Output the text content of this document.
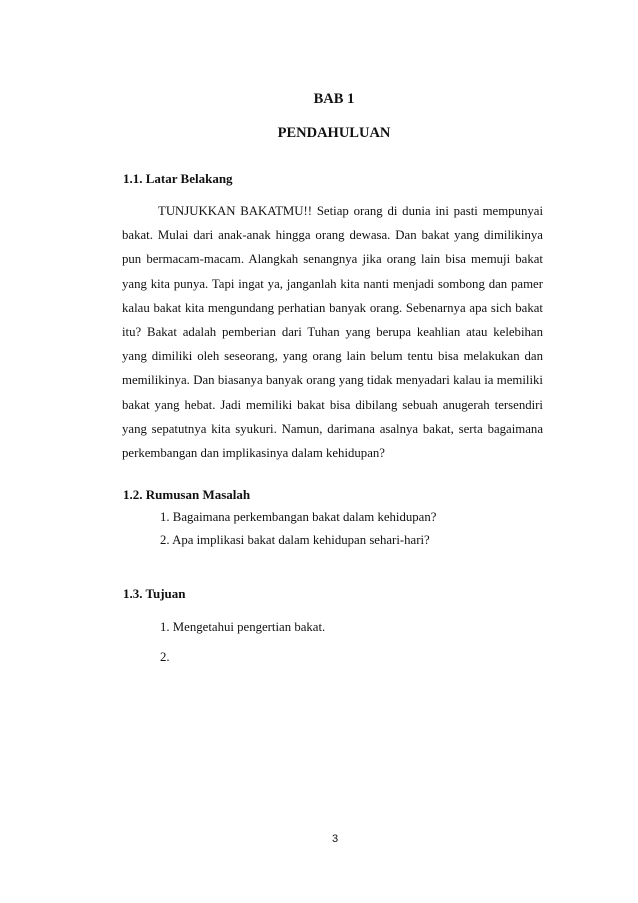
BAB 1
PENDAHULUAN
1.1. Latar Belakang

TUNJUKKAN BAKATMU!! Setiap orang di dunia ini pasti mempunyai bakat. Mulai dari anak-anak hingga orang dewasa. Dan bakat yang dimilikinya pun bermacam-macam. Alangkah senangnya jika orang lain bisa memuji bakat yang kita punya. Tapi ingat ya, janganlah kita nanti menjadi sombong dan pamer kalau bakat kita mengundang perhatian banyak orang. Sebenarnya apa sich bakat itu? Bakat adalah pemberian dari Tuhan yang berupa keahlian atau kelebihan yang dimiliki oleh seseorang, yang orang lain belum tentu bisa melakukan dan memilikinya. Dan biasanya banyak orang yang tidak menyadari kalau ia memiliki bakat yang hebat. Jadi memiliki bakat bisa dibilang sebuah anugerah tersendiri yang sepatutnya kita syukuri. Namun, darimana asalnya bakat, serta bagaimana perkembangan dan implikasinya dalam kehidupan?

1.2. Rumusan Masalah
1. Bagaimana perkembangan bakat dalam kehidupan?
2. Apa implikasi bakat dalam kehidupan sehari-hari?
1.3. Tujuan
1. Mengetahui pengertian bakat.
2.
3
